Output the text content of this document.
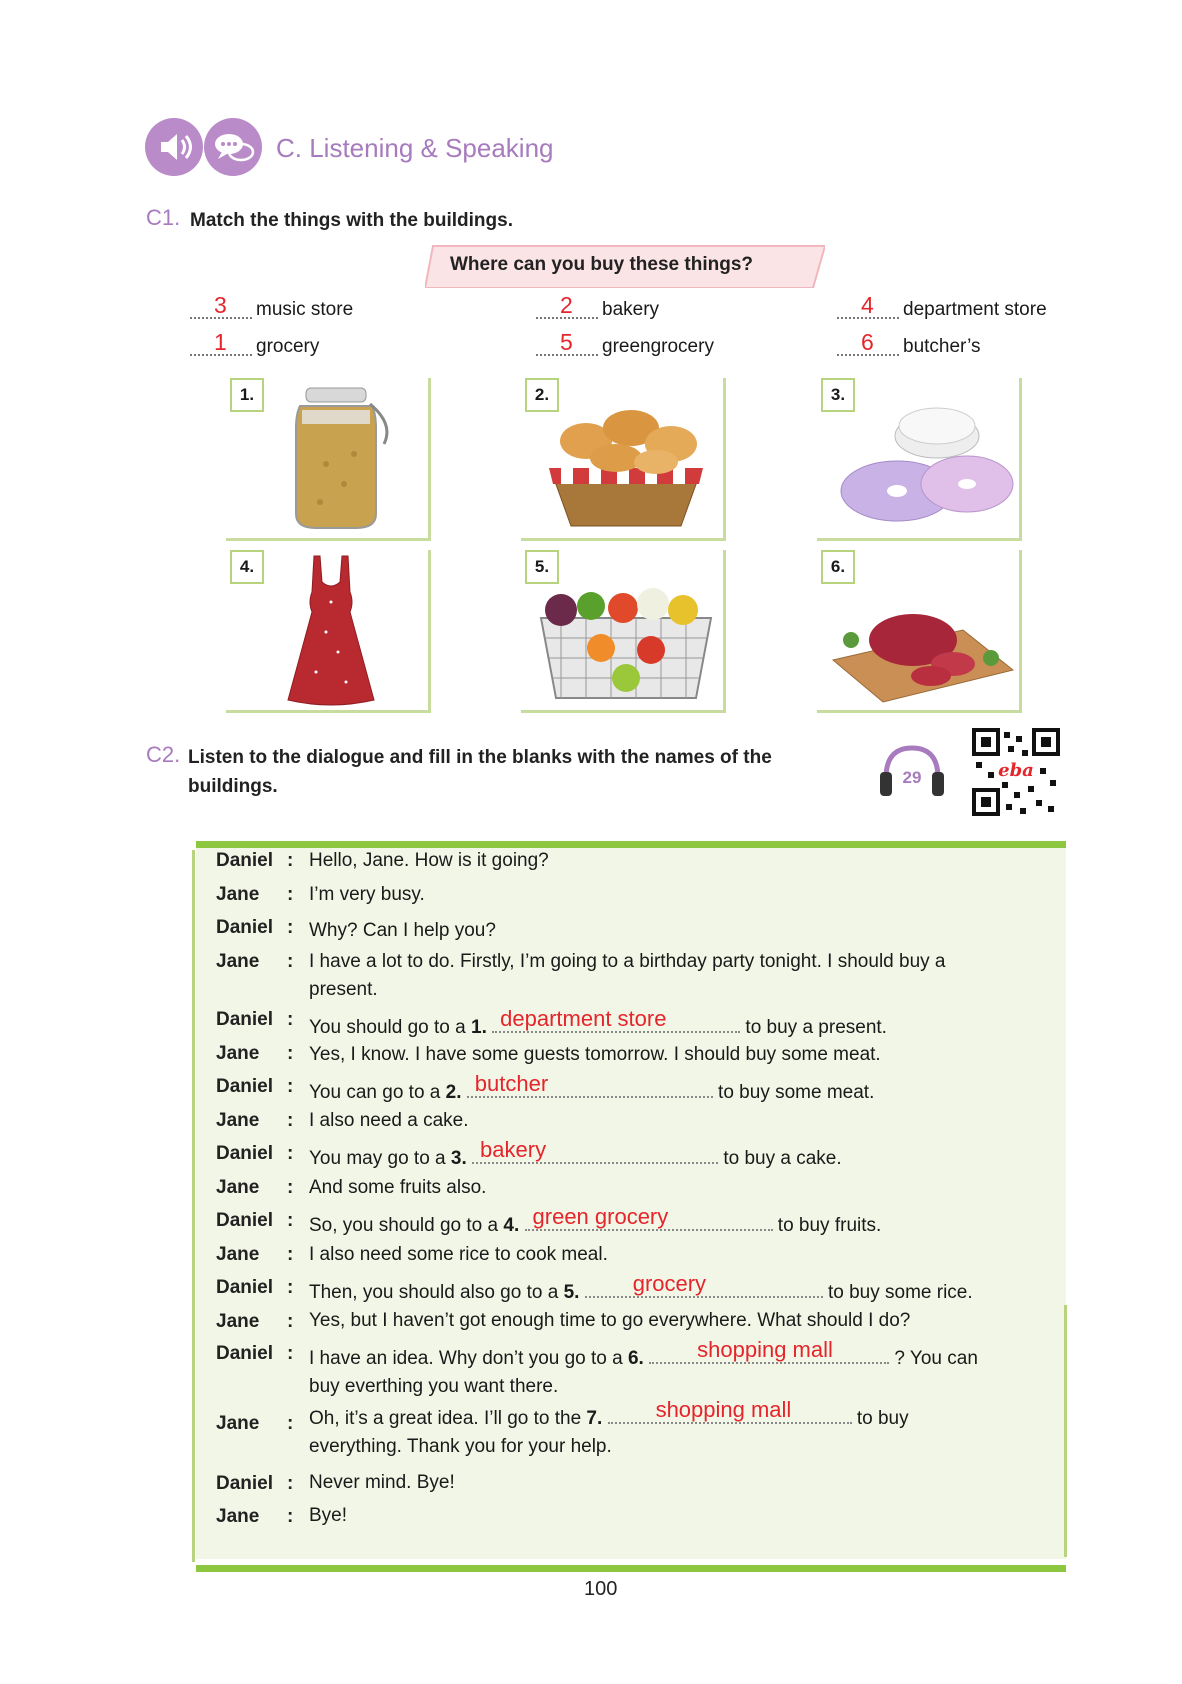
C. Listening & Speaking
C1. Match the things with the buildings.
Where can you buy these things?
3 music store	2 bakery	4 department store
1 grocery	5 greengrocery	6 butcher’s
1.	2.	3.
4.	5.	6.
C2. Listen to the dialogue and fill in the blanks with the names of the
buildings.	29	eba
Daniel : Hello, Jane. How is it going?
Jane : I’m very busy.
Daniel : Why? Can I help you?
Jane : I have a lot to do. Firstly, I’m going to a birthday party tonight. I should buy a
present.
Daniel : You should go to a 1. department store	to buy a present.
Jane : Yes, I know. I have some guests tomorrow. I should buy some meat.
Daniel : You can go to a 2. butcher	to buy some meat.
Jane : I also need a cake.
Daniel : You may go to a 3. bakery	to buy a cake.
Jane : And some fruits also.
Daniel : So, you should go to a 4. green grocery	to buy fruits.
Jane : I also need some rice to cook meal.
Daniel : Then, you should also go to a 5. grocery	to buy some rice.
Jane : Yes, but I haven’t got enough time to go everywhere. What should I do?
Daniel : I have an idea. Why don’t you go to a 6. shopping mall	? You can
buy everthing you want there.
Jane : Oh, it’s a great idea. I’ll go to the 7. shopping mall	to buy
everything. Thank you for your help.
Daniel : Never mind. Bye!
Jane : Bye!
100
